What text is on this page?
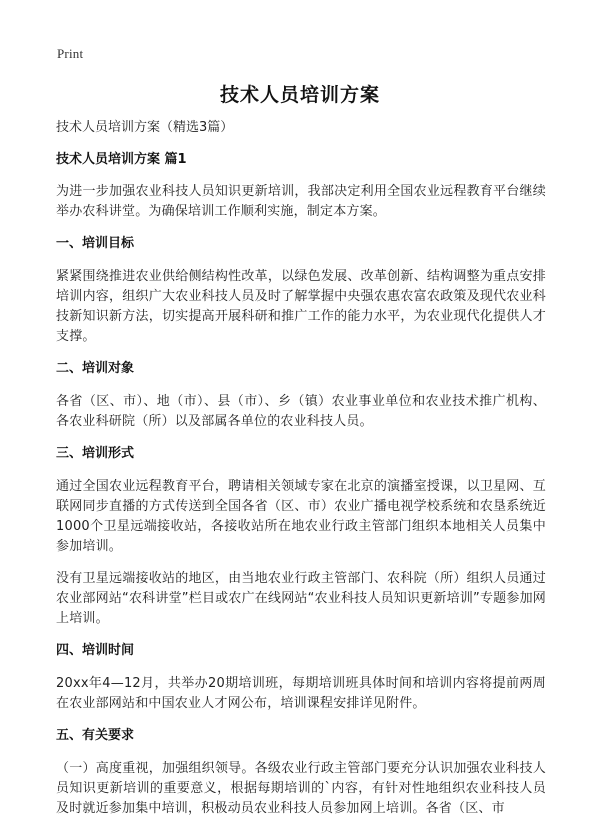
Print
技术人员培训方案
技术人员培训方案（精选3篇）
技术人员培训方案 篇1
为进一步加强农业科技人员知识更新培训，我部决定利用全国农业远程教育平台继续举办农科讲堂。为确保培训工作顺利实施，制定本方案。
一、培训目标
紧紧围绕推进农业供给侧结构性改革，以绿色发展、改革创新、结构调整为重点安排培训内容，组织广大农业科技人员及时了解掌握中央强农惠农富农政策及现代农业科技新知识新方法，切实提高开展科研和推广工作的能力水平，为农业现代化提供人才支撑。
二、培训对象
各省（区、市）、地（市）、县（市）、乡（镇）农业事业单位和农业技术推广机构、各农业科研院（所）以及部属各单位的农业科技人员。
三、培训形式
通过全国农业远程教育平台，聘请相关领域专家在北京的演播室授课，以卫星网、互联网同步直播的方式传送到全国各省（区、市）农业广播电视学校系统和农垦系统近1000个卫星远端接收站，各接收站所在地农业行政主管部门组织本地相关人员集中参加培训。
没有卫星远端接收站的地区，由当地农业行政主管部门、农科院（所）组织人员通过农业部网站“农科讲堂”栏目或农广在线网站“农业科技人员知识更新培训”专题参加网上培训。
四、培训时间
20xx年4—12月，共举办20期培训班，每期培训班具体时间和培训内容将提前两周在农业部网站和中国农业人才网公布，培训课程安排详见附件。
五、有关要求
（一）高度重视，加强组织领导。各级农业行政主管部门要充分认识加强农业科技人员知识更新培训的重要意义，根据每期培训的`内容，有针对性地组织农业科技人员及时就近参加集中培训，积极动员农业科技人员参加网上培训。各省（区、市
